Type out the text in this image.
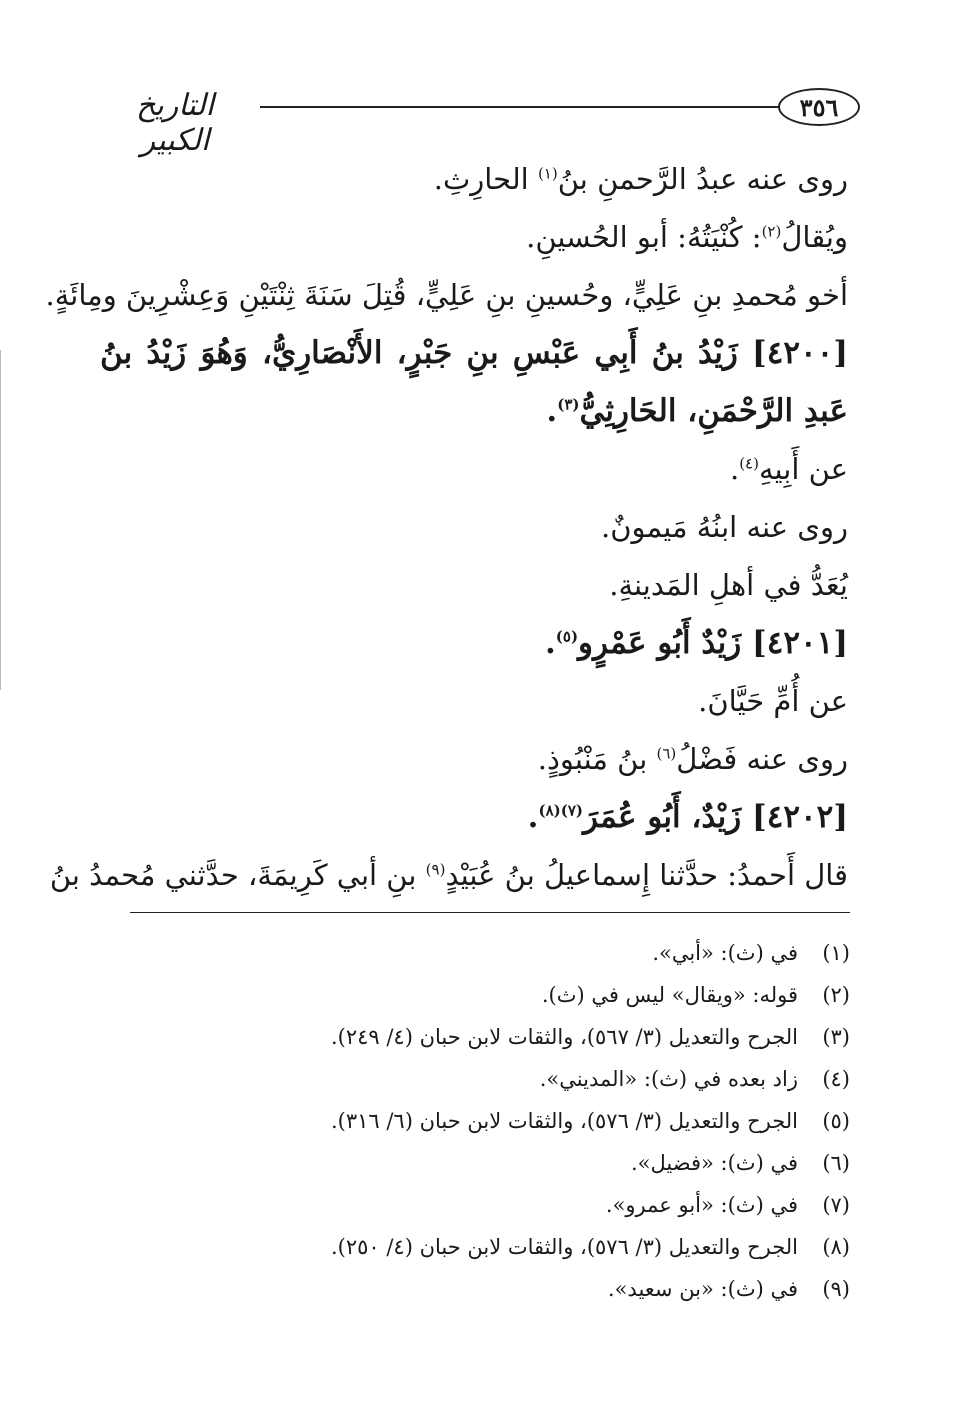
٣٥٦
التاريخ الكبير
روى عنه عبدُ الرَّحمنِ بنُ$^{(١)}$ الحارِثِ.
ويُقالُ$^{(٢)}$: كُنْيَتُهُ: أبو الحُسينِ.
أخو مُحمدِ بنِ عَلِيٍّ، وحُسينِ بنِ عَلِيٍّ، قُتِلَ سَنَةَ ثِنْتَيْنِ وَعِشْرِينَ ومِائَةٍ.
[٤٢٠٠] زَيْدُ بنُ أَبِي عَبْسِ بنِ جَبْرٍ، الأَنْصَارِيُّ، وَهُوَ زَيْدُ بنُ
عَبدِ الرَّحْمَنِ، الحَارِثِيُّ$^{(٣)}$.
عن أَبِيهِ$^{(٤)}$.
روى عنه ابنُهُ مَيمونٌ.
يُعَدُّ في أهلِ المَدينةِ.
[٤٢٠١] زَيْدٌ أَبُو عَمْرٍو$^{(٥)}$.
عن أُمِّ حَيَّانَ.
روى عنه فَضْلُ$^{(٦)}$ بنُ مَنْبُوذٍ.
[٤٢٠٢] زَيْدٌ، أَبُو عُمَرَ$^{(٧)(٨)}$.
قال أَحمدُ: حدَّثنا إِسماعيلُ بنُ عُبَيْدٍ$^{(٩)}$ بنِ أبي كَرِيمَةَ، حدَّثني مُحمدُ بنُ
(١)في (ث): «أبي».
(٢)قوله: «ويقال» ليس في (ث).
(٣)الجرح والتعديل (٣/ ٥٦٧)، والثقات لابن حبان (٤/ ٢٤٩).
(٤)زاد بعده في (ث): «المديني».
(٥)الجرح والتعديل (٣/ ٥٧٦)، والثقات لابن حبان (٦/ ٣١٦).
(٦)في (ث): «فضيل».
(٧)في (ث): «أبو عمرو».
(٨)الجرح والتعديل (٣/ ٥٧٦)، والثقات لابن حبان (٤/ ٢٥٠).
(٩)في (ث): «بن سعيد».
